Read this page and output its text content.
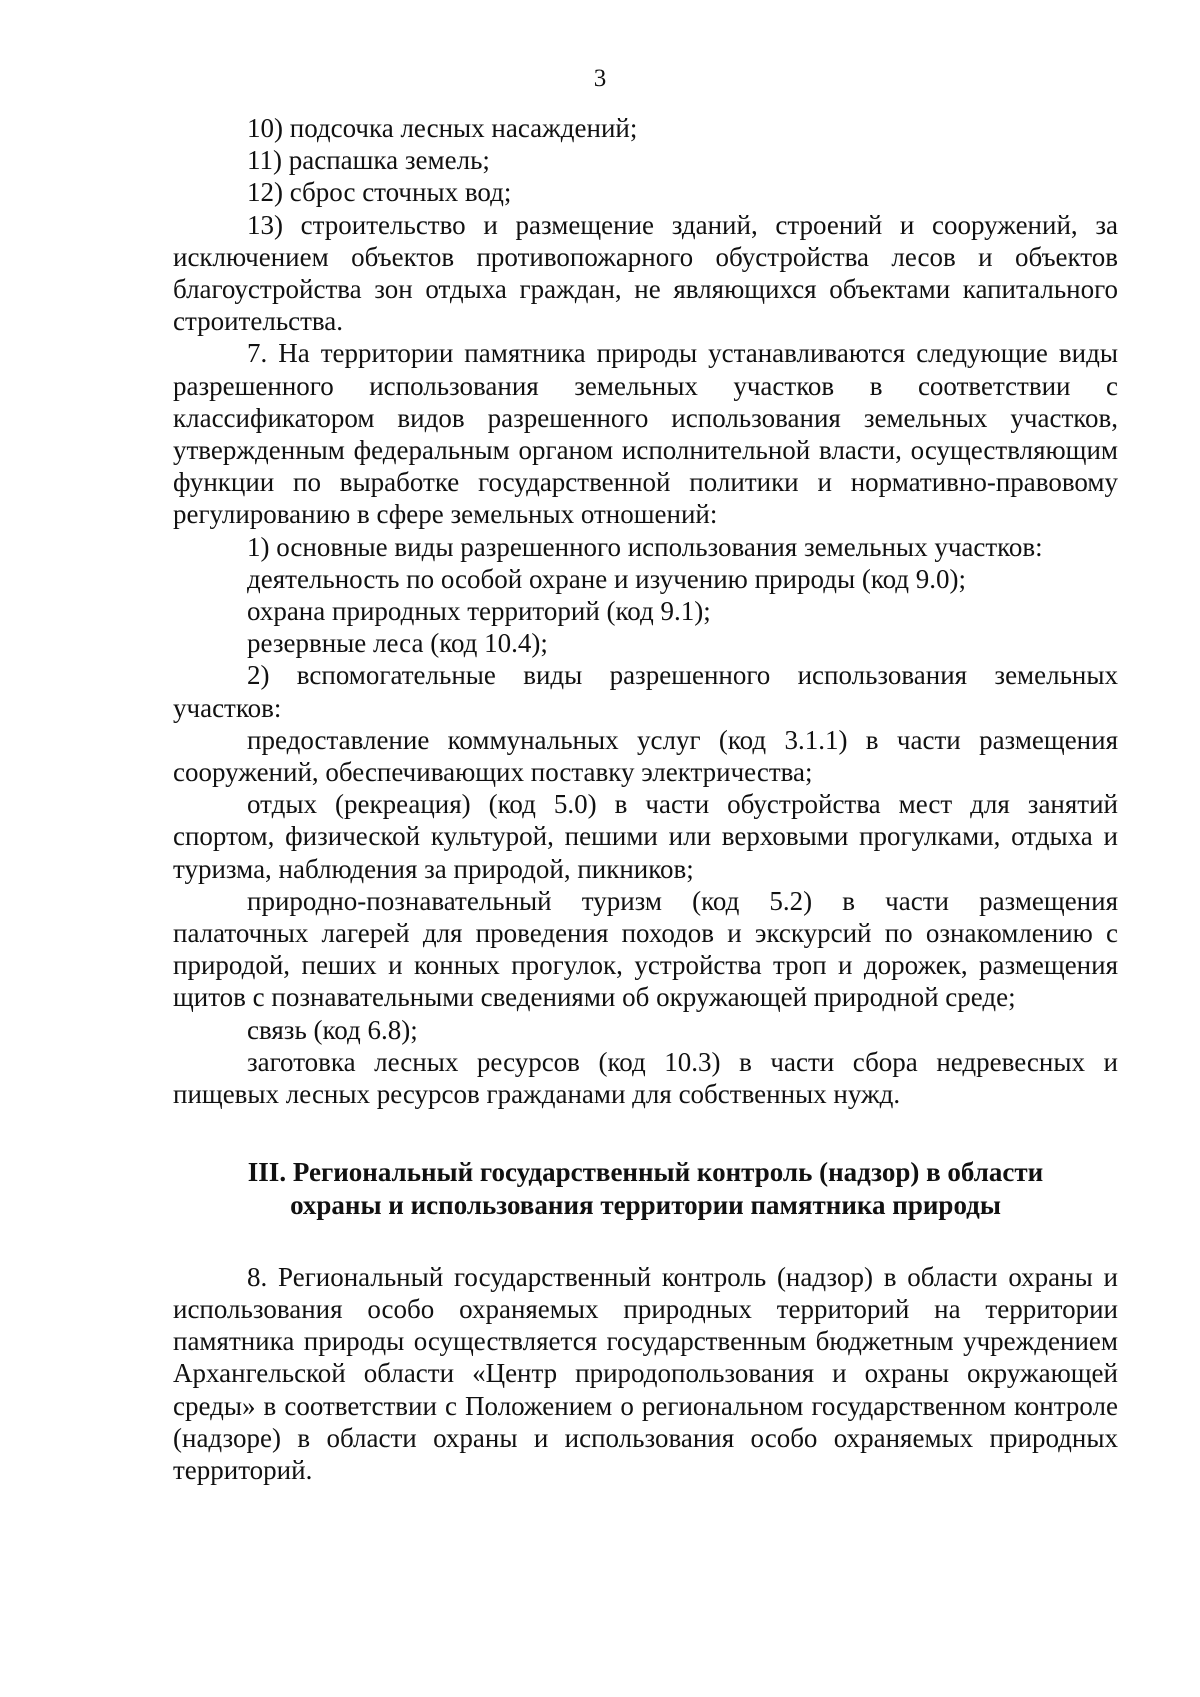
3

10) подсочка лесных насаждений;

11) распашка земель;

12) сброс сточных вод;

13) строительство и размещение зданий, строений и сооружений, за исключением объектов противопожарного обустройства лесов и объектов благоустройства зон отдыха граждан, не являющихся объектами капитального строительства.

7. На территории памятника природы устанавливаются следующие виды разрешенного использования земельных участков в соответствии с классификатором видов разрешенного использования земельных участков, утвержденным федеральным органом исполнительной власти, осуществляющим функции по выработке государственной политики и нормативно-правовому регулированию в сфере земельных отношений:

1) основные виды разрешенного использования земельных участков:

деятельность по особой охране и изучению природы (код 9.0);

охрана природных территорий (код 9.1);

резервные леса (код 10.4);

2) вспомогательные виды разрешенного использования земельных участков:

предоставление коммунальных услуг (код 3.1.1) в части размещения сооружений, обеспечивающих поставку электричества;

отдых (рекреация) (код 5.0) в части обустройства мест для занятий спортом, физической культурой, пешими или верховыми прогулками, отдыха и туризма, наблюдения за природой, пикников;

природно-познавательный туризм (код 5.2) в части размещения палаточных лагерей для проведения походов и экскурсий по ознакомлению с природой, пеших и конных прогулок, устройства троп и дорожек, размещения щитов с познавательными сведениями об окружающей природной среде;

связь (код 6.8);

заготовка лесных ресурсов (код 10.3) в части сбора недревесных и пищевых лесных ресурсов гражданами для собственных нужд.

III. Региональный государственный контроль (надзор) в области

охраны и использования территории памятника природы

8. Региональный государственный контроль (надзор) в области охраны и использования особо охраняемых природных территорий на территории памятника природы осуществляется государственным бюджетным учреждением Архангельской области «Центр природопользования и охраны окружающей среды» в соответствии с Положением о региональном государственном контроле (надзоре) в области охраны и использования особо охраняемых природных территорий.
